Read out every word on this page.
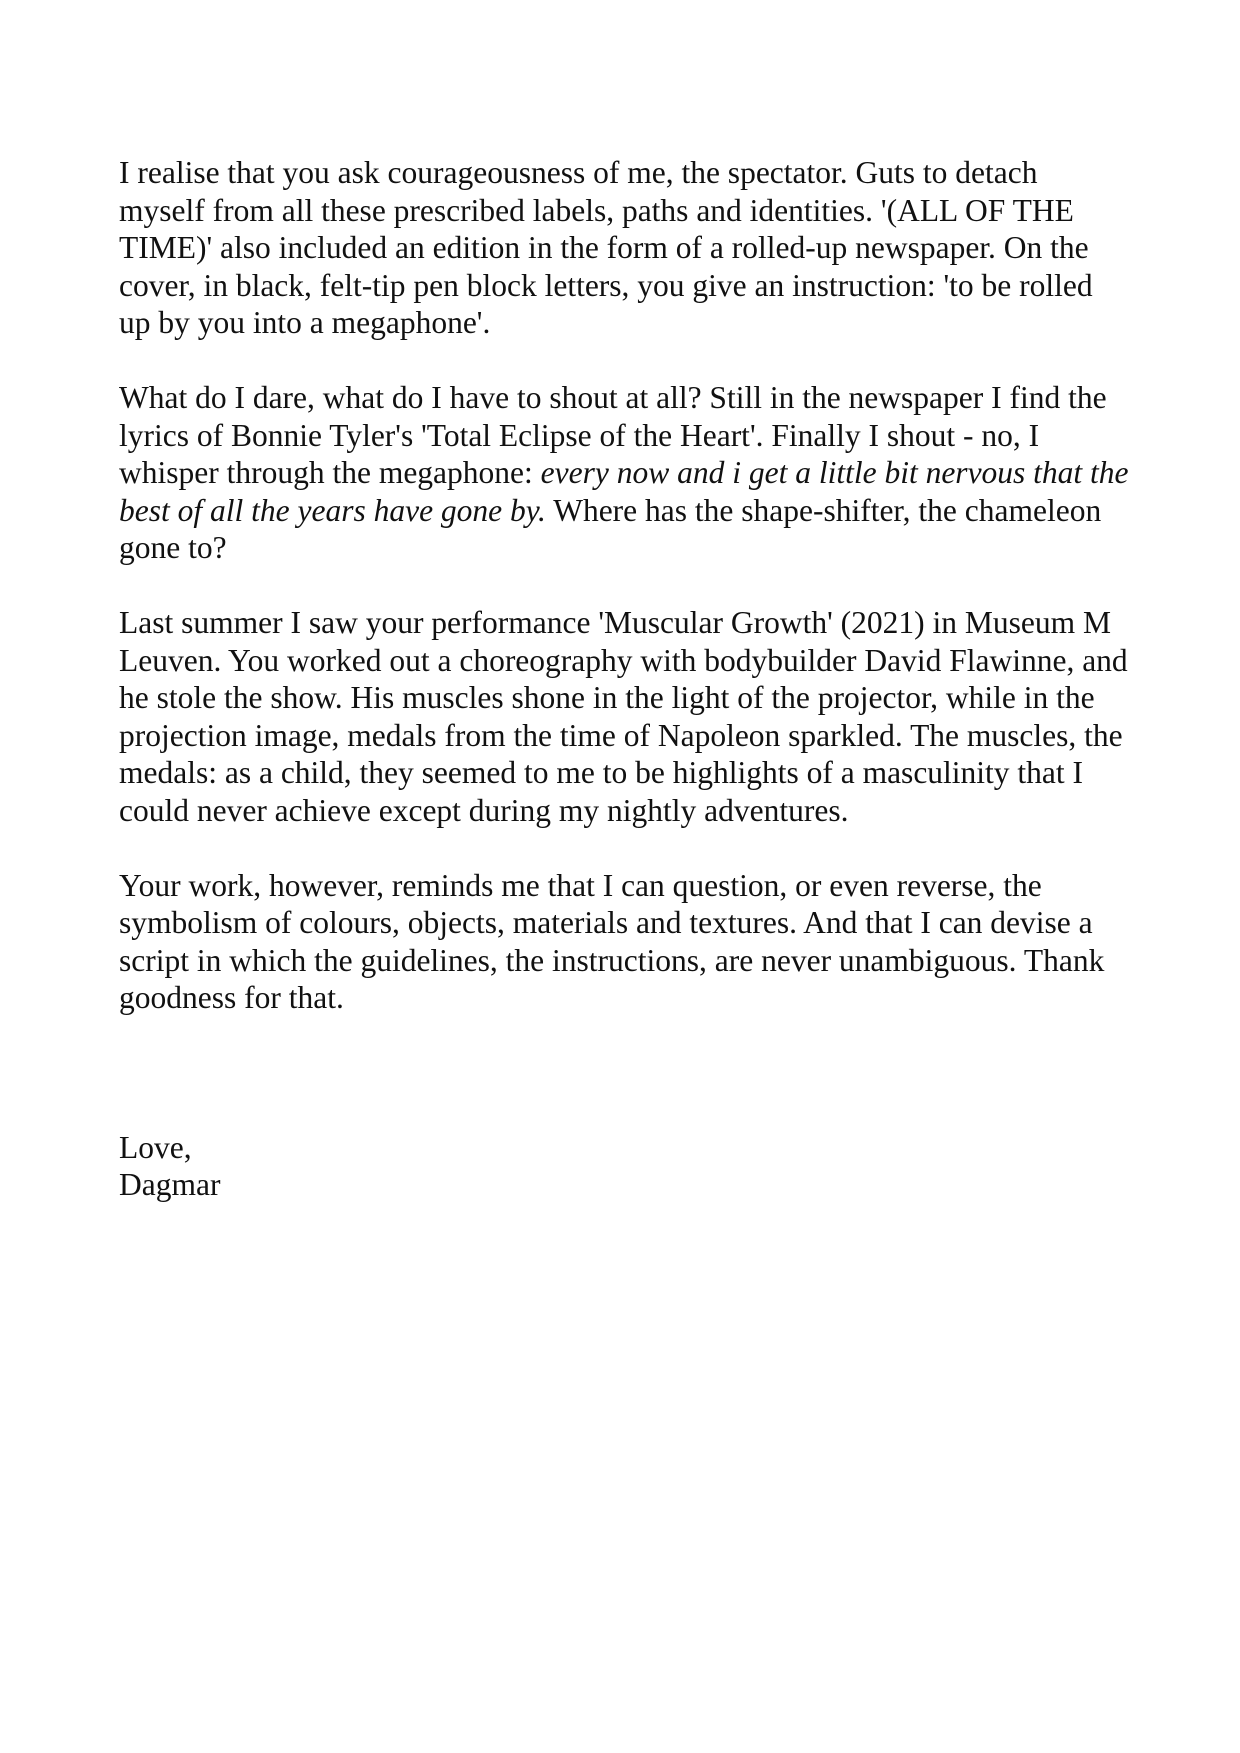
I realise that you ask courageousness of me, the spectator. Guts to detach myself from all these prescribed labels, paths and identities. '(ALL OF THE TIME)' also included an edition in the form of a rolled-up newspaper. On the cover, in black, felt-tip pen block letters, you give an instruction: 'to be rolled up by you into a megaphone'.

What do I dare, what do I have to shout at all? Still in the newspaper I find the lyrics of Bonnie Tyler's 'Total Eclipse of the Heart'. Finally I shout - no, I whisper through the megaphone: every now and i get a little bit nervous that the best of all the years have gone by. Where has the shape-shifter, the chameleon gone to?

Last summer I saw your performance 'Muscular Growth' (2021) in Museum M Leuven. You worked out a choreography with bodybuilder David Flawinne, and he stole the show. His muscles shone in the light of the projector, while in the projection image, medals from the time of Napoleon sparkled. The muscles, the medals: as a child, they seemed to me to be highlights of a masculinity that I could never achieve except during my nightly adventures.

Your work, however, reminds me that I can question, or even reverse, the symbolism of colours, objects, materials and textures. And that I can devise a script in which the guidelines, the instructions, are never unambiguous. Thank goodness for that.

Love,
Dagmar
